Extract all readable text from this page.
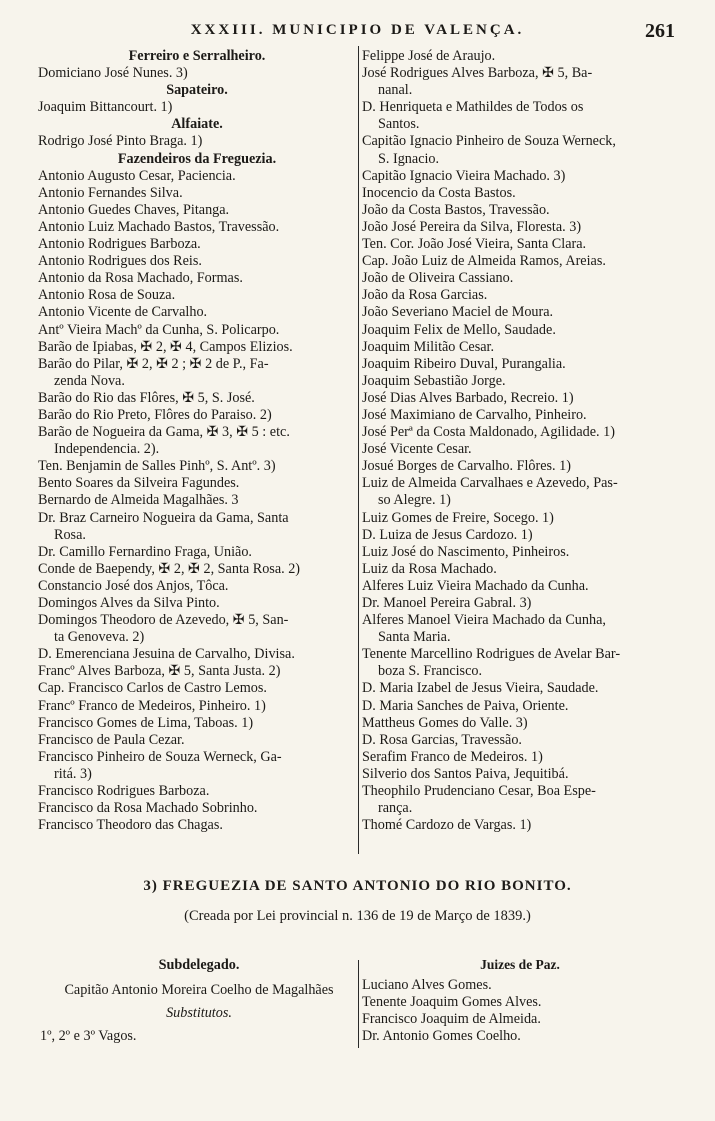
XXXIII. MUNICIPIO DE VALENÇA.	261
Ferreiro e Serralheiro.
Domiciano José Nunes. 3)
Sapateiro.
Joaquim Bittancourt. 1)
Alfaiate.
Rodrigo José Pinto Braga. 1)
Fazendeiros da Freguezia.
Antonio Augusto Cesar, Paciencia.
Antonio Fernandes Silva.
Antonio Guedes Chaves, Pitanga.
Antonio Luiz Machado Bastos, Travessão.
Antonio Rodrigues Barboza.
Antonio Rodrigues dos Reis.
Antonio da Rosa Machado, Formas.
Antonio Rosa de Souza.
Antonio Vicente de Carvalho.
Antº Vieira Machº da Cunha, S. Policarpo.
Barão de Ipiabas, ✠ 2, ✠ 4, Campos Elizios.
Barão do Pilar, ✠ 2, ✠ 2 ; ✠ 2 de P., Fa-
zenda Nova.
Barão do Rio das Flôres, ✠ 5, S. José.
Barão do Rio Preto, Flôres do Paraiso. 2)
Barão de Nogueira da Gama, ✠ 3, ✠ 5 : etc.
Independencia. 2).
Ten. Benjamin de Salles Pinhº, S. Antº. 3)
Bento Soares da Silveira Fagundes.
Bernardo de Almeida Magalhães. 3
Dr. Braz Carneiro Nogueira da Gama, Santa
Rosa.
Dr. Camillo Fernardino Fraga, União.
Conde de Baependy, ✠ 2, ✠ 2, Santa Rosa. 2)
Constancio José dos Anjos, Tôca.
Domingos Alves da Silva Pinto.
Domingos Theodoro de Azevedo, ✠ 5, San-
ta Genoveva. 2)
D. Emerenciana Jesuina de Carvalho, Divisa.
Francº Alves Barboza, ✠ 5, Santa Justa. 2)
Cap. Francisco Carlos de Castro Lemos.
Francº Franco de Medeiros, Pinheiro. 1)
Francisco Gomes de Lima, Taboas. 1)
Francisco de Paula Cezar.
Francisco Pinheiro de Souza Werneck, Ga-
ritá. 3)
Francisco Rodrigues Barboza.
Francisco da Rosa Machado Sobrinho.
Francisco Theodoro das Chagas.
Felippe José de Araujo.
José Rodrigues Alves Barboza, ✠ 5, Ba-
nanal.
D. Henriqueta e Mathildes de Todos os
Santos.
Capitão Ignacio Pinheiro de Souza Werneck,
S. Ignacio.
Capitão Ignacio Vieira Machado. 3)
Inocencio da Costa Bastos.
João da Costa Bastos, Travessão.
João José Pereira da Silva, Floresta. 3)
Ten. Cor. João José Vieira, Santa Clara.
Cap. João Luiz de Almeida Ramos, Areias.
João de Oliveira Cassiano.
João da Rosa Garcias.
João Severiano Maciel de Moura.
Joaquim Felix de Mello, Saudade.
Joaquim Militão Cesar.
Joaquim Ribeiro Duval, Purangalia.
Joaquim Sebastião Jorge.
José Dias Alves Barbado, Recreio. 1)
José Maximiano de Carvalho, Pinheiro.
José Perª da Costa Maldonado, Agilidade. 1)
José Vicente Cesar.
Josué Borges de Carvalho. Flôres. 1)
Luiz de Almeida Carvalhaes e Azevedo, Pas-
so Alegre. 1)
Luiz Gomes de Freire, Socego. 1)
D. Luiza de Jesus Cardozo. 1)
Luiz José do Nascimento, Pinheiros.
Luiz da Rosa Machado.
Alferes Luiz Vieira Machado da Cunha.
Dr. Manoel Pereira Gabral. 3)
Alferes Manoel Vieira Machado da Cunha,
Santa Maria.
Tenente Marcellino Rodrigues de Avelar Bar-
boza S. Francisco.
D. Maria Izabel de Jesus Vieira, Saudade.
D. Maria Sanches de Paiva, Oriente.
Mattheus Gomes do Valle. 3)
D. Rosa Garcias, Travessão.
Serafim Franco de Medeiros. 1)
Silverio dos Santos Paiva, Jequitibá.
Theophilo Prudenciano Cesar, Boa Espe-
rança.
Thomé Cardozo de Vargas. 1)
3) FREGUEZIA DE SANTO ANTONIO DO RIO BONITO.
(Creada por Lei provincial n. 136 de 19 de Março de 1839.)
Subdelegado.
Capitão Antonio Moreira Coelho de Magalhães
Substitutos.
1º, 2º e 3º Vagos.
Juizes de Paz.
Luciano Alves Gomes.
Tenente Joaquim Gomes Alves.
Francisco Joaquim de Almeida.
Dr. Antonio Gomes Coelho.
